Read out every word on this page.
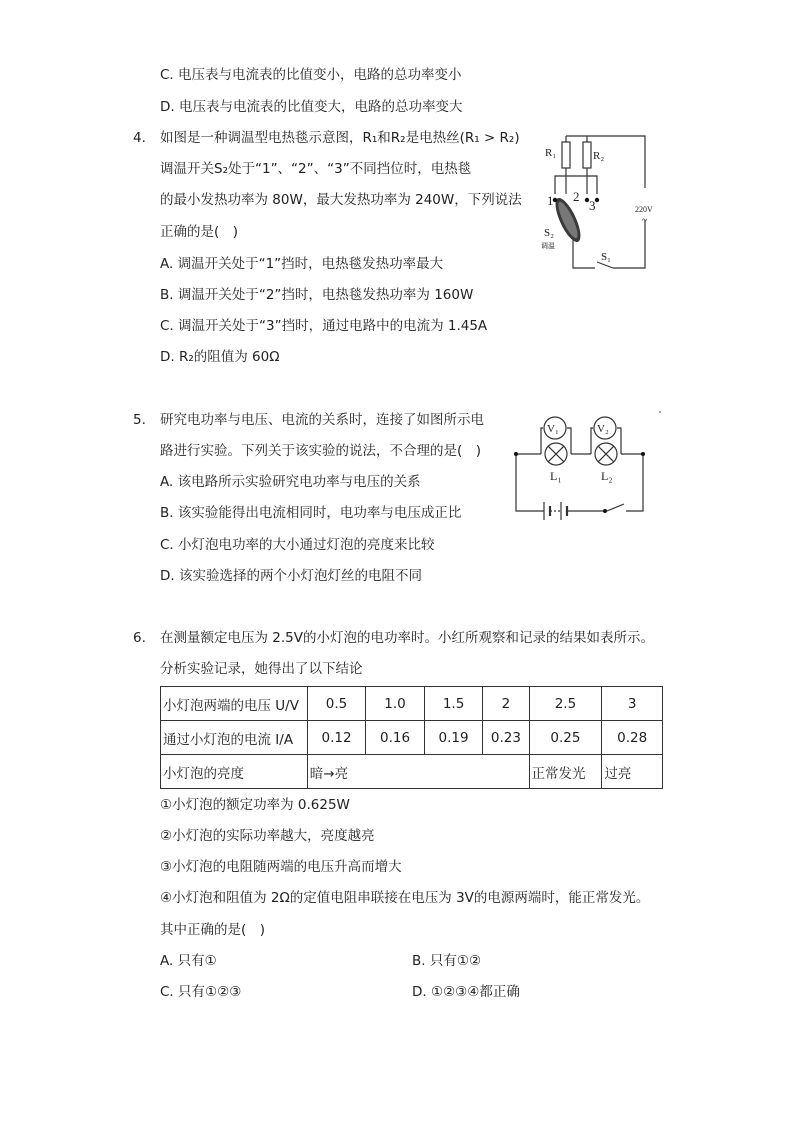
C. 电压表与电流表的比值变小，电路的总功率变小
D. 电压表与电流表的比值变大，电路的总功率变大
4. 如图是一种调温型电热毯示意图，R₁和R₂是电热丝(R₁ > R₂)
调温开关S₂处于“1”、“2”、“3”不同挡位时，电热毯
的最小发热功率为 80W，最大发热功率为 240W，下列说法
正确的是(　)
A. 调温开关处于“1”挡时，电热毯发热功率最大
B. 调温开关处于“2”挡时，电热毯发热功率为 160W
C. 调温开关处于“3”挡时，通过电路中的电流为 1.45A
D. R₂的阻值为 60Ω
R₁	R₂
1 2
3
S₂
调温
220V
~
S₁
5. 研究电功率与电压、电流的关系时，连接了如图所示电
路进行实验。下列关于该实验的说法，不合理的是(　)
A. 该电路所示实验研究电功率与电压的关系
B. 该实验能得出电流相同时，电功率与电压成正比
C. 小灯泡电功率的大小通过灯泡的亮度来比较
D. 该实验选择的两个小灯泡灯丝的电阻不同
V₁	V₂
L₁	L₂
6. 在测量额定电压为 2.5V的小灯泡的电功率时。小红所观察和记录的结果如表所示。
分析实验记录，她得出了以下结论
小灯泡两端的电压 U/V	0.5	1.0	1.5	2	2.5	3
通过小灯泡的电流 I/A	0.12	0.16	0.19	0.23	0.25	0.28
小灯泡的亮度	暗→亮				正常发光	过亮
①小灯泡的额定功率为 0.625W
②小灯泡的实际功率越大，亮度越亮
③小灯泡的电阻随两端的电压升高而增大
④小灯泡和阻值为 2Ω的定值电阻串联接在电压为 3V的电源两端时，能正常发光。
其中正确的是(　)
A. 只有①	B. 只有①②
C. 只有①②③	D. ①②③④都正确
